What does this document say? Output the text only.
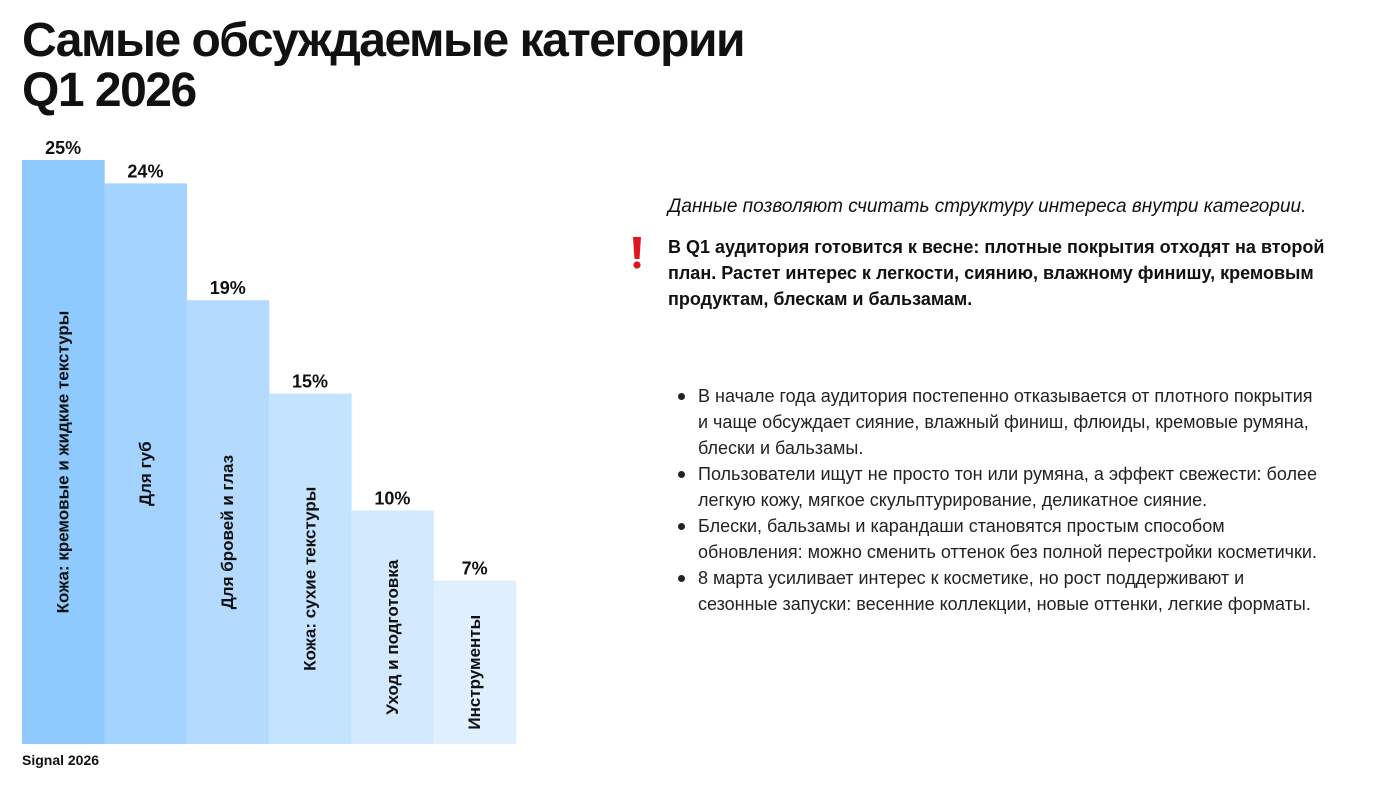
Самые обсуждаемые категории
Q1 2026
25%
Кожа: кремовые и жидкие текстуры
24%
Для губ
19%
Для бровей и глаз
15%
Кожа: сухие текстуры	10%
Уход и подготовка	7%
Инструменты
Signal 2026
Данные позволяют считать структуру интереса внутри категории.

В Q1 аудитория готовится к весне: плотные покрытия отходят на второй план. Растет интерес к легкости, сиянию, влажному финишу, кремовым продуктам, блескам и бальзамам.

В начале года аудитория постепенно отказывается от плотного покрытия и чаще обсуждает сияние, влажный финиш, флюиды, кремовые румяна, блески и бальзамы.
Пользователи ищут не просто тон или румяна, а эффект свежести: более легкую кожу, мягкое скульптурирование, деликатное сияние.
Блески, бальзамы и карандаши становятся простым способом обновления: можно сменить оттенок без полной перестройки косметички.
8 марта усиливает интерес к косметике, но рост поддерживают и сезонные запуски: весенние коллекции, новые оттенки, легкие форматы.
